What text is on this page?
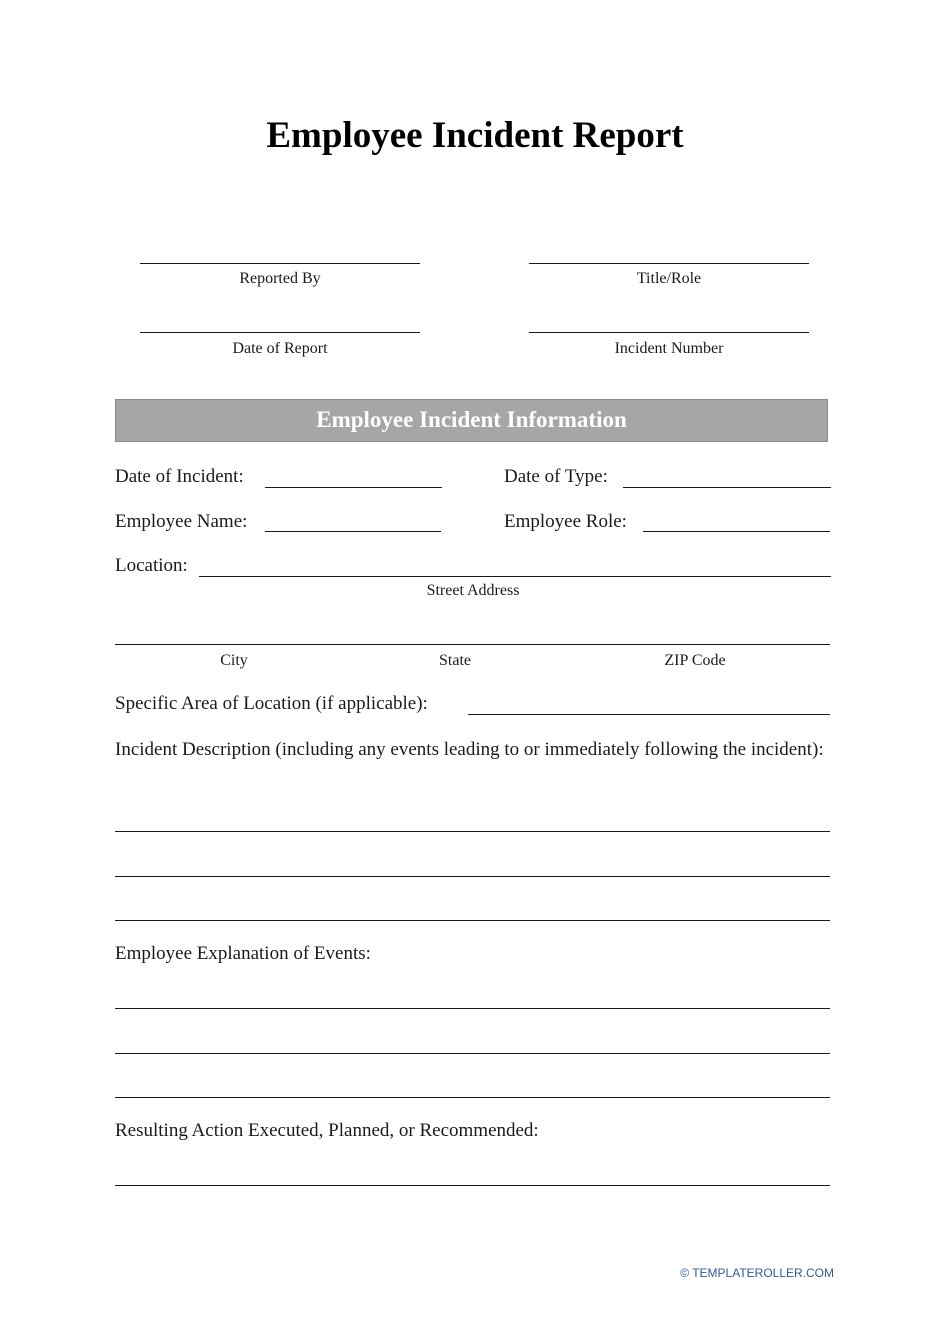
Employee Incident Report
Reported By	Title/Role
Date of Report	Incident Number
Employee Incident Information
Date of Incident:	Date of Type:
Employee Name:	Employee Role:
Location:
Street Address
City	State	ZIP Code
Specific Area of Location (if applicable):
Incident Description (including any events leading to or immediately following the incident):
Employee Explanation of Events:
Resulting Action Executed, Planned, or Recommended:
© TEMPLATEROLLER.COM
